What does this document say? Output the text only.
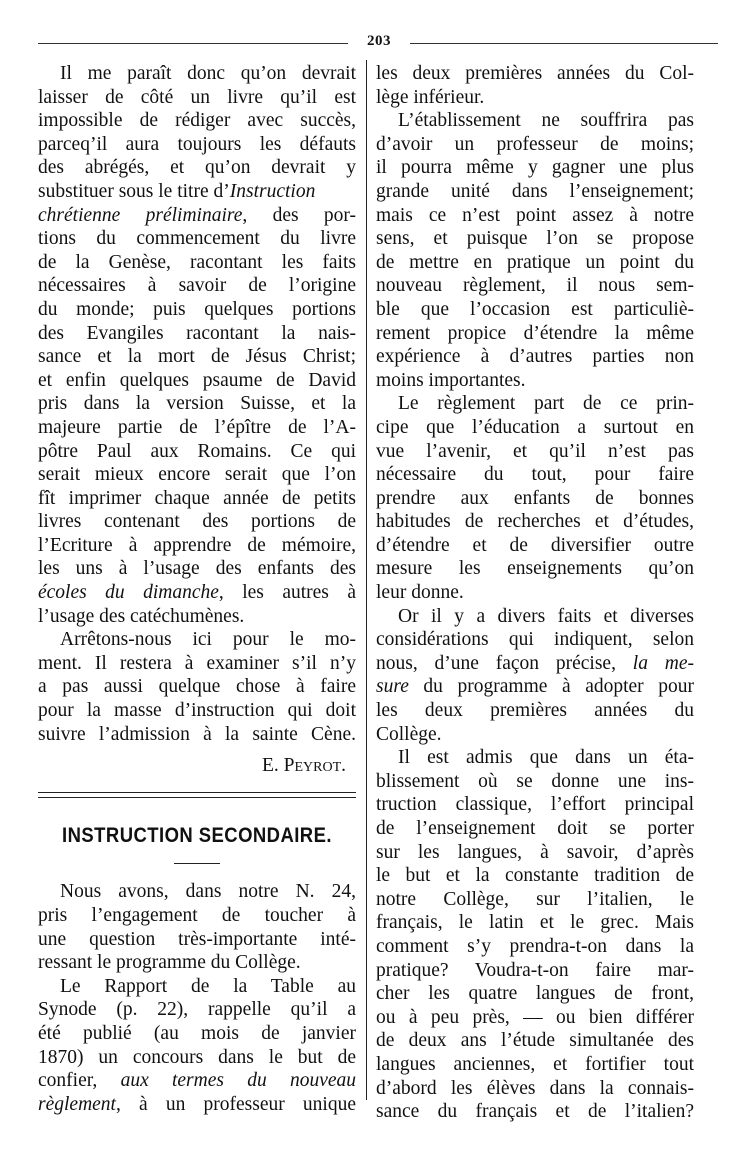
203
Il me paraît donc qu’on devrait
laisser de côté un livre qu’il est
impossible de rédiger avec succès,
parceq’il aura toujours les défauts
des abrégés, et qu’on devrait y
substituer sous le titre d’Instruction
chrétienne préliminaire, des por-
tions du commencement du livre
de la Genèse, racontant les faits
nécessaires à savoir de l’origine
du monde; puis quelques portions
des Evangiles racontant la nais-
sance et la mort de Jésus Christ;
et enfin quelques psaume de David
pris dans la version Suisse, et la
majeure partie de l’épître de l’A-
pôtre Paul aux Romains. Ce qui
serait mieux encore serait que l’on
fît imprimer chaque année de petits
livres contenant des portions de
l’Ecriture à apprendre de mémoire,
les uns à l’usage des enfants des
écoles du dimanche, les autres à
l’usage des catéchumènes.
Arrêtons-nous ici pour le mo-
ment. Il restera à examiner s’il n’y
a pas aussi quelque chose à faire
pour la masse d’instruction qui doit
suivre l’admission à la sainte Cène.
E. Peyrot.
INSTRUCTION SECONDAIRE.
Nous avons, dans notre N. 24,
pris l’engagement de toucher à
une question très-importante inté-
ressant le programme du Collège.
Le Rapport de la Table au
Synode (p. 22), rappelle qu’il a
été publié (au mois de janvier
1870) un concours dans le but de
confier, aux termes du nouveau
règlement, à un professeur unique
les deux premières années du Col-
lège inférieur.
L’établissement ne souffrira pas
d’avoir un professeur de moins;
il pourra même y gagner une plus
grande unité dans l’enseignement;
mais ce n’est point assez à notre
sens, et puisque l’on se propose
de mettre en pratique un point du
nouveau règlement, il nous sem-
ble que l’occasion est particuliè-
rement propice d’étendre la même
expérience à d’autres parties non
moins importantes.
Le règlement part de ce prin-
cipe que l’éducation a surtout en
vue l’avenir, et qu’il n’est pas
nécessaire du tout, pour faire
prendre aux enfants de bonnes
habitudes de recherches et d’études,
d’étendre et de diversifier outre
mesure les enseignements qu’on
leur donne.
Or il y a divers faits et diverses
considérations qui indiquent, selon
nous, d’une façon précise, la me-
sure du programme à adopter pour
les deux premières années du
Collège.
Il est admis que dans un éta-
blissement où se donne une ins-
truction classique, l’effort principal
de l’enseignement doit se porter
sur les langues, à savoir, d’après
le but et la constante tradition de
notre Collège, sur l’italien, le
français, le latin et le grec. Mais
comment s’y prendra-t-on dans la
pratique? Voudra-t-on faire mar-
cher les quatre langues de front,
ou à peu près, — ou bien différer
de deux ans l’étude simultanée des
langues anciennes, et fortifier tout
d’abord les élèves dans la connais-
sance du français et de l’italien?
